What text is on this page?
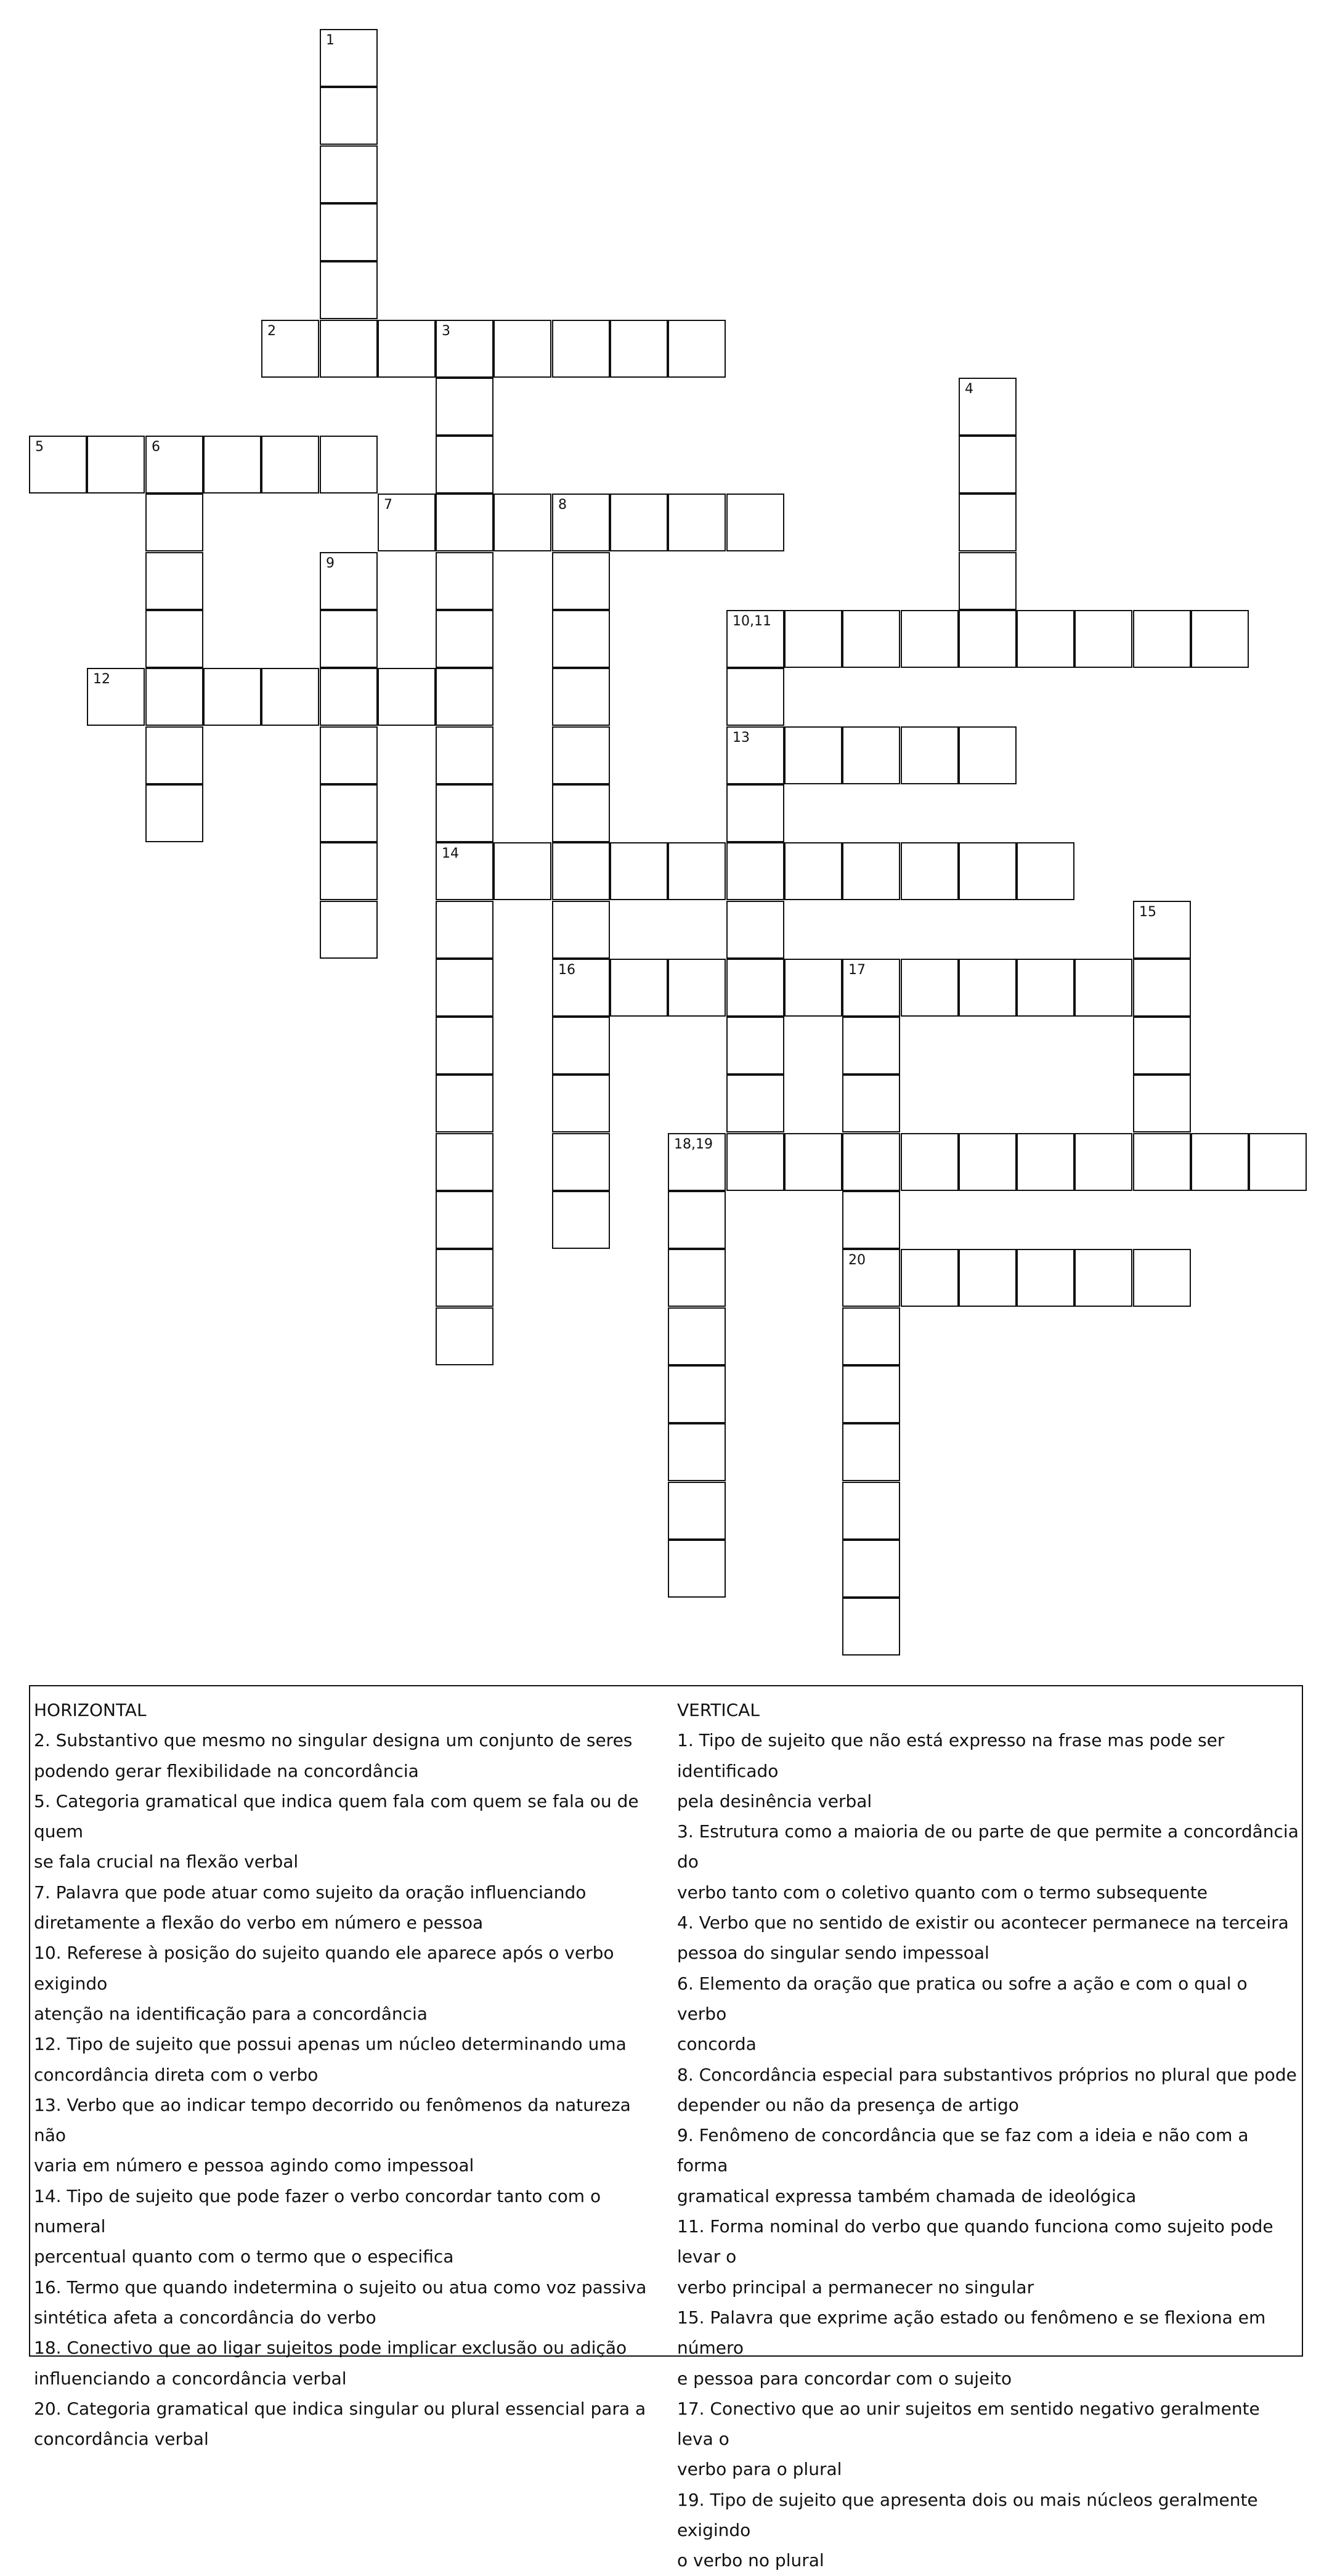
1
2	3
4
5	6
7	8
9
10,11
12
13
14
15
16	17
18,19
20
HORIZONTAL
2. Substantivo que mesmo no singular designa um conjunto de seres
podendo gerar flexibilidade na concordância
5. Categoria gramatical que indica quem fala com quem se fala ou de quem
se fala crucial na flexão verbal
7. Palavra que pode atuar como sujeito da oração influenciando
diretamente a flexão do verbo em número e pessoa
10. Referese à posição do sujeito quando ele aparece após o verbo exigindo
atenção na identificação para a concordância
12. Tipo de sujeito que possui apenas um núcleo determinando uma
concordância direta com o verbo
13. Verbo que ao indicar tempo decorrido ou fenômenos da natureza não
varia em número e pessoa agindo como impessoal
14. Tipo de sujeito que pode fazer o verbo concordar tanto com o numeral
percentual quanto com o termo que o especifica
16. Termo que quando indetermina o sujeito ou atua como voz passiva
sintética afeta a concordância do verbo
18. Conectivo que ao ligar sujeitos pode implicar exclusão ou adição
influenciando a concordância verbal
20. Categoria gramatical que indica singular ou plural essencial para a
concordância verbal
VERTICAL
1. Tipo de sujeito que não está expresso na frase mas pode ser identificado
pela desinência verbal
3. Estrutura como a maioria de ou parte de que permite a concordância do
verbo tanto com o coletivo quanto com o termo subsequente
4. Verbo que no sentido de existir ou acontecer permanece na terceira
pessoa do singular sendo impessoal
6. Elemento da oração que pratica ou sofre a ação e com o qual o verbo
concorda
8. Concordância especial para substantivos próprios no plural que pode
depender ou não da presença de artigo
9. Fenômeno de concordância que se faz com a ideia e não com a forma
gramatical expressa também chamada de ideológica
11. Forma nominal do verbo que quando funciona como sujeito pode levar o
verbo principal a permanecer no singular
15. Palavra que exprime ação estado ou fenômeno e se flexiona em número
e pessoa para concordar com o sujeito
17. Conectivo que ao unir sujeitos em sentido negativo geralmente leva o
verbo para o plural
19. Tipo de sujeito que apresenta dois ou mais núcleos geralmente exigindo
o verbo no plural
